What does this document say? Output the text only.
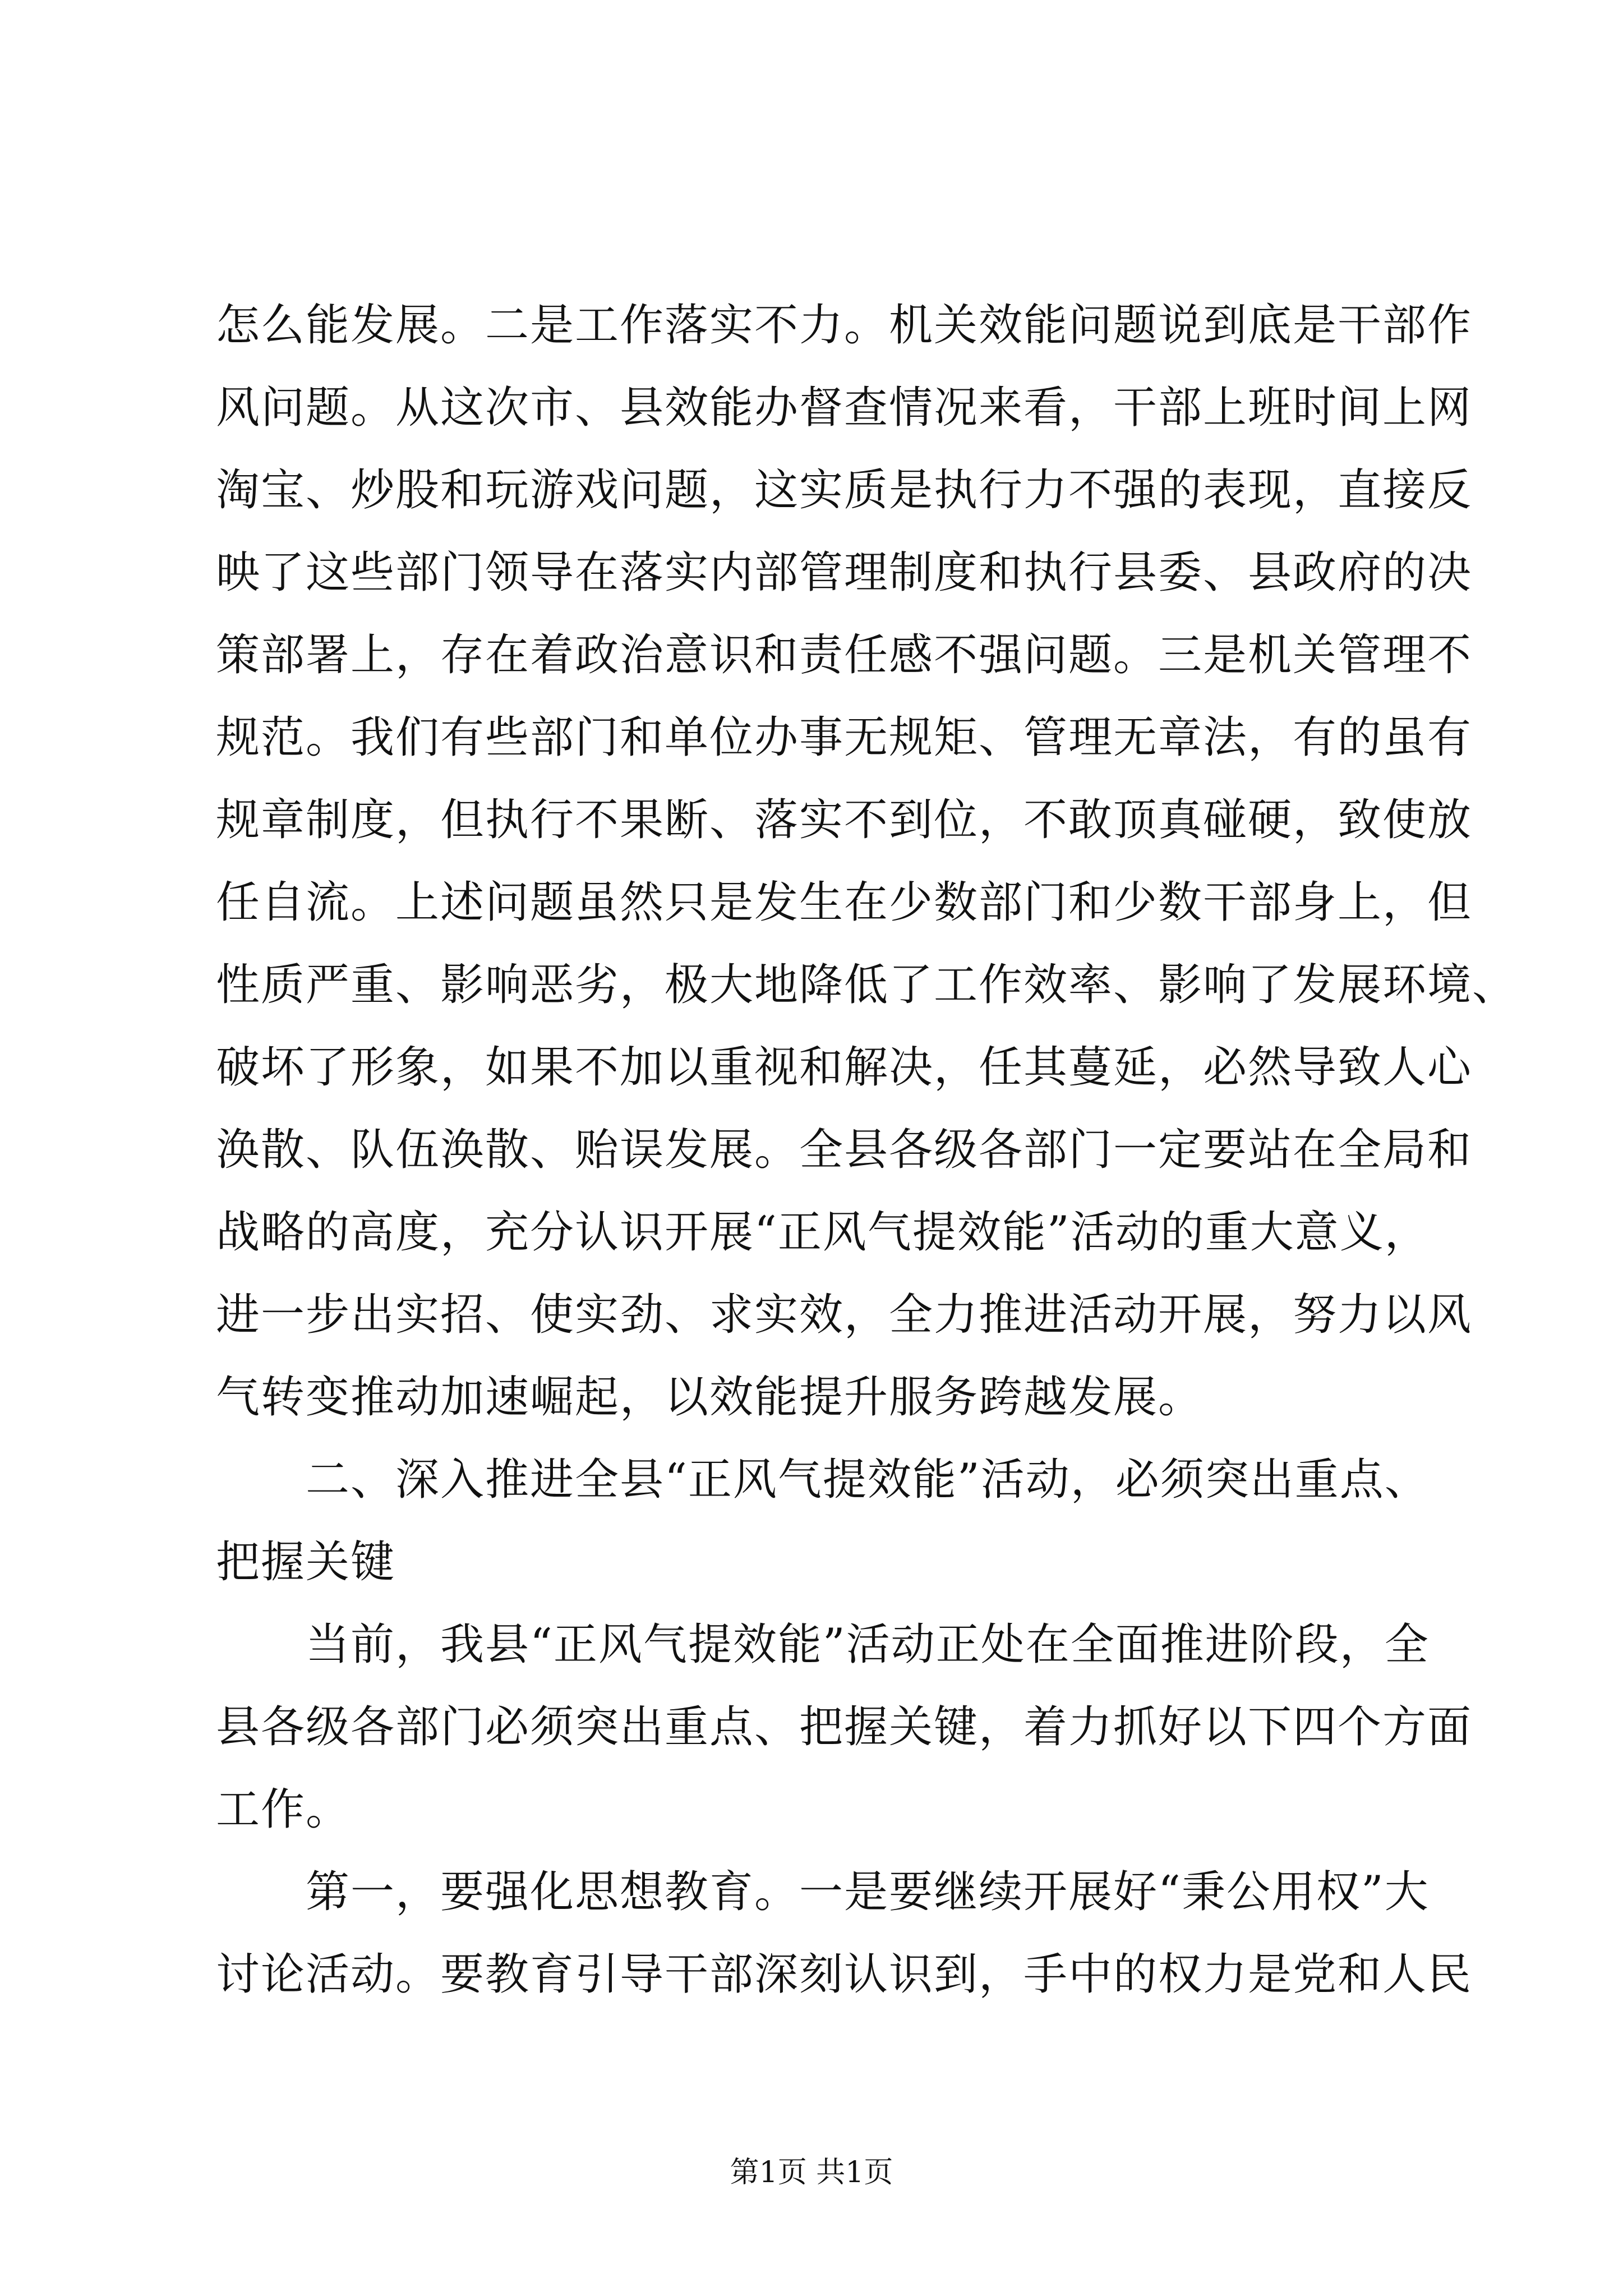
怎么能发展。二是工作落实不力。机关效能问题说到底是干部作
风问题。从这次市、县效能办督查情况来看，干部上班时间上网
淘宝、炒股和玩游戏问题，这实质是执行力不强的表现，直接反
映了这些部门领导在落实内部管理制度和执行县委、县政府的决
策部署上，存在着政治意识和责任感不强问题。三是机关管理不
规范。我们有些部门和单位办事无规矩、管理无章法，有的虽有
规章制度，但执行不果断、落实不到位，不敢顶真碰硬，致使放
任自流。上述问题虽然只是发生在少数部门和少数干部身上，但
性质严重、影响恶劣，极大地降低了工作效率、影响了发展环境、
破坏了形象，如果不加以重视和解决，任其蔓延，必然导致人心
涣散、队伍涣散、贻误发展。全县各级各部门一定要站在全局和
战略的高度，充分认识开展“正风气提效能”活动的重大意义，
进一步出实招、使实劲、求实效，全力推进活动开展，努力以风
气转变推动加速崛起，以效能提升服务跨越发展。
二、深入推进全县“正风气提效能”活动，必须突出重点、
把握关键
当前，我县“正风气提效能”活动正处在全面推进阶段，全
县各级各部门必须突出重点、把握关键，着力抓好以下四个方面
工作。
第一，要强化思想教育。一是要继续开展好“秉公用权”大
讨论活动。要教育引导干部深刻认识到，手中的权力是党和人民
第1页 共1页
